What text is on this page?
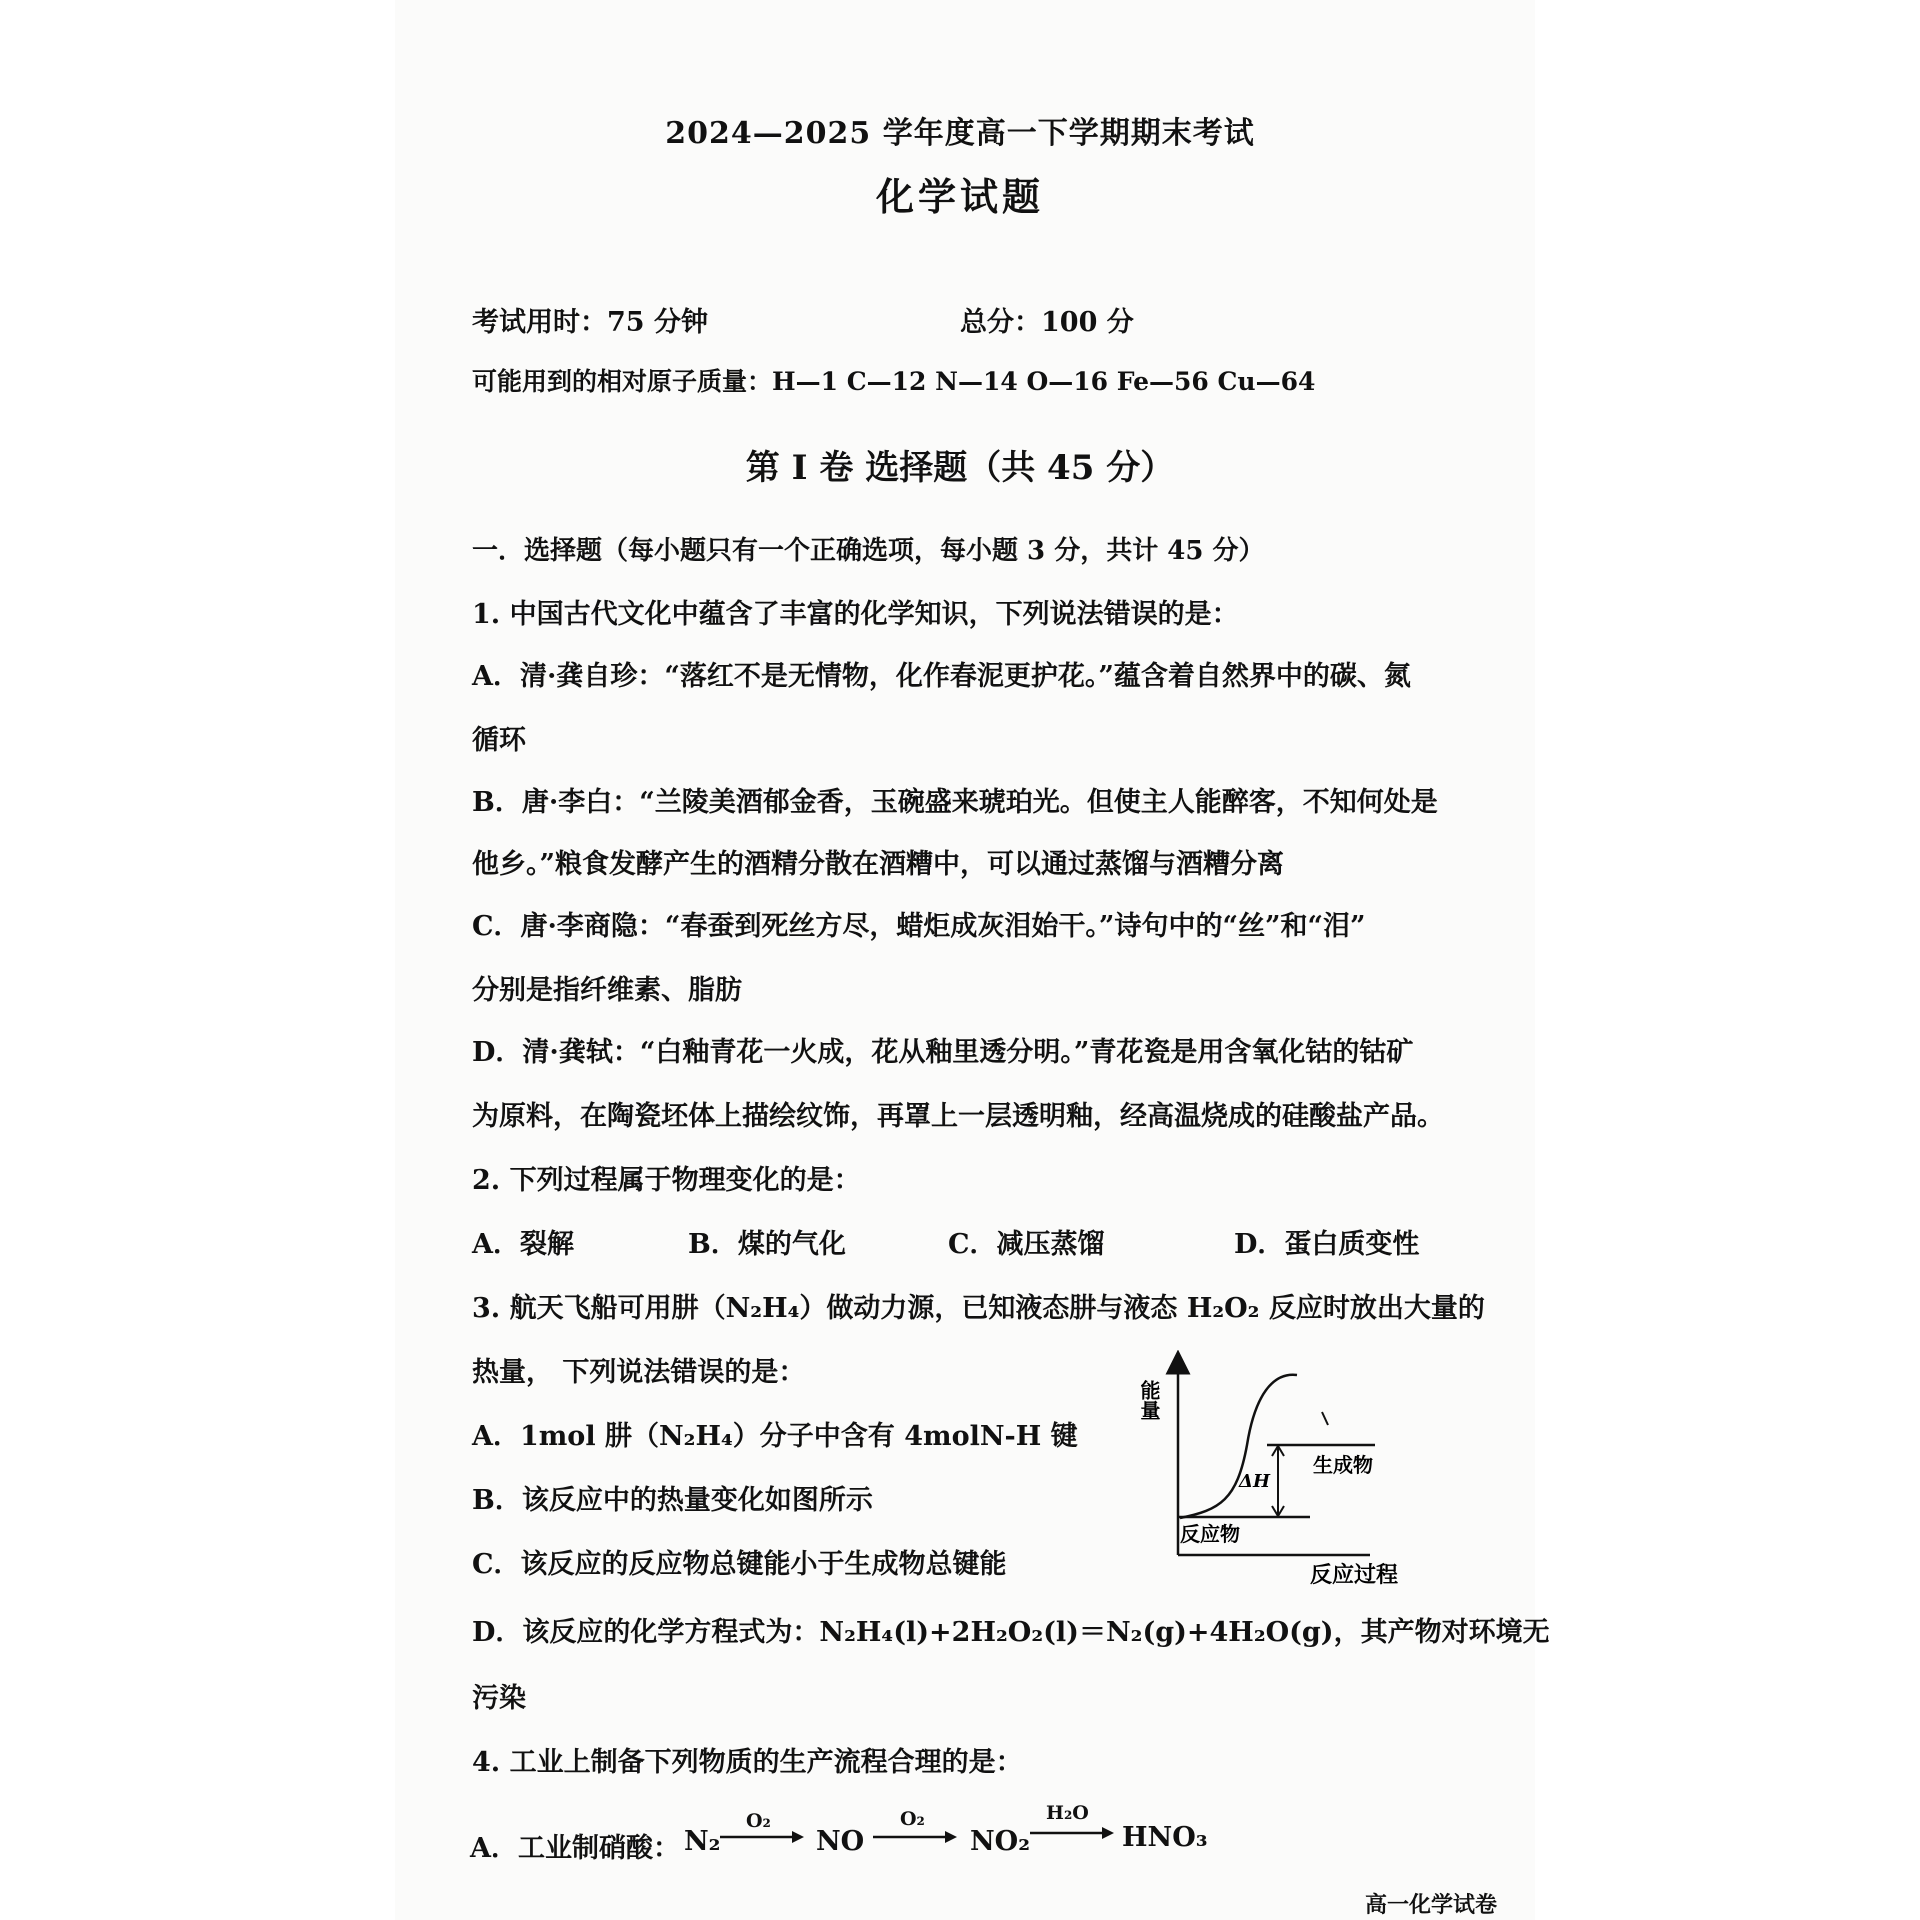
2024—2025 学年度高一下学期期末考试
化学试题
考试用时：75 分钟	总分：100 分
可能用到的相对原子质量：H—1 C—12 N—14 O—16 Fe—56 Cu—64
第 I 卷 选择题（共 45 分）
一．选择题（每小题只有一个正确选项，每小题 3 分，共计 45 分）
1. 中国古代文化中蕴含了丰富的化学知识，下列说法错误的是：
A．清·龚自珍：“落红不是无情物，化作春泥更护花。”蕴含着自然界中的碳、氮
循环
B．唐·李白：“兰陵美酒郁金香，玉碗盛来琥珀光。但使主人能醉客，不知何处是
他乡。”粮食发酵产生的酒精分散在酒糟中，可以通过蒸馏与酒糟分离
C．唐·李商隐：“春蚕到死丝方尽，蜡炬成灰泪始干。”诗句中的“丝”和“泪”
分别是指纤维素、脂肪
D．清·龚轼：“白釉青花一火成，花从釉里透分明。”青花瓷是用含氧化钴的钴矿
为原料，在陶瓷坯体上描绘纹饰，再罩上一层透明釉，经高温烧成的硅酸盐产品。
2. 下列过程属于物理变化的是：
A．裂解	B．煤的气化	C．减压蒸馏	D．蛋白质变性
3. 航天飞船可用肼（N₂H₄）做动力源，已知液态肼与液态 H₂O₂ 反应时放出大量的
热量， 下列说法错误的是：
A．1mol 肼（N₂H₄）分子中含有 4molN-H 键
B．该反应中的热量变化如图所示
C．该反应的反应物总键能小于生成物总键能
D．该反应的化学方程式为：N₂H₄(l)+2H₂O₂(l)＝N₂(g)+4H₂O(g)，其产物对环境无
污染
能量
反应过程
ΔH
生成物
反应物
4. 工业上制备下列物质的生产流程合理的是：
A．工业制硝酸： N₂
O₂
NO
O₂
NO₂
H₂O
HNO₃
高一化学试卷
